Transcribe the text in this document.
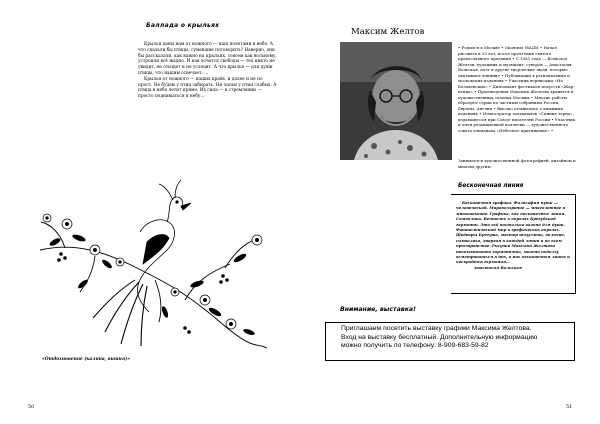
Баллада о крыльях

Крылья даны нам от ножного — наш полетами в небо. А что сказали бы птицы, сумевшие поговорить? Наверно, они бы рассказали, как важно на крыльях, совсем как вольному, устроили всё жадно. И как хочется свободы — тех никто не увидит, не отыщет и не уследит. А что крылья — для души птицы, что нашим отвечает: …

Крылья от ножного — наших краёв, и далее и не по прост. Не будем у птиц забирать. Ни ласки у птиц слабых. А птица в небо летит прямо. Их сила — в стремлении — просто подниматься к небу…

«Отдохновение (калина, вишня)»
50
Максим Желтов

• Родился в Москве • Окончил МАДИ • Начал рисовать в 23 лет, после прочтения святого православного предания • С 1981 года — Всеволод Желтов, художник и музыкант, суворов — Анастасия Вольская, поэт и другие творческие люди, которые оказывают влияние • Публикации в региональных и московских изданиях • Участник вернисажа «На Беловенских» • Дипломант фестиваля искусств «Жар-птица» • Произведения Максима Желтова хранятся в художественных салонах Москвы • Многие работы образуют серии по частным собраниям России, Европы, Англии • Высоко отзывались о книжных изданиях • Иллюстратор альманахов «Сияние зерна», издающегося при Союзе писателей России • Участник и член редакционной коллегии — художественного совета альманаха «Небесное притяжение» •

Занимается художественной фотографией, дизайном и многим другим.
Бесконечная линия

Бесконечная графика. Философия пути — человеческой. Мировоззрение — многолетнее и многовековое. Графика, как бесконечная линия. Символика. Вечность в образах Брегуйской гармонии. Это всё настолько важно для души. Фантастический мир в графических образах. Шедевры Брегута, мастер искусства, величие, символика, энергия в каждой линии и во всем пространстве. Рисунки Максима Желтова необыкновенно гармоничны, можно подолгу всматриваться в них, в них бесконечная линия и бескрайняя гармония…

Анастасия Вольская

51
Внимание, выставка!
Приглашаем посетить выставку графики Максима Желтова.
Вход на выставку бесплатный. Дополнительную информацию
можно получить по телефону: 8-909-683-59-82
